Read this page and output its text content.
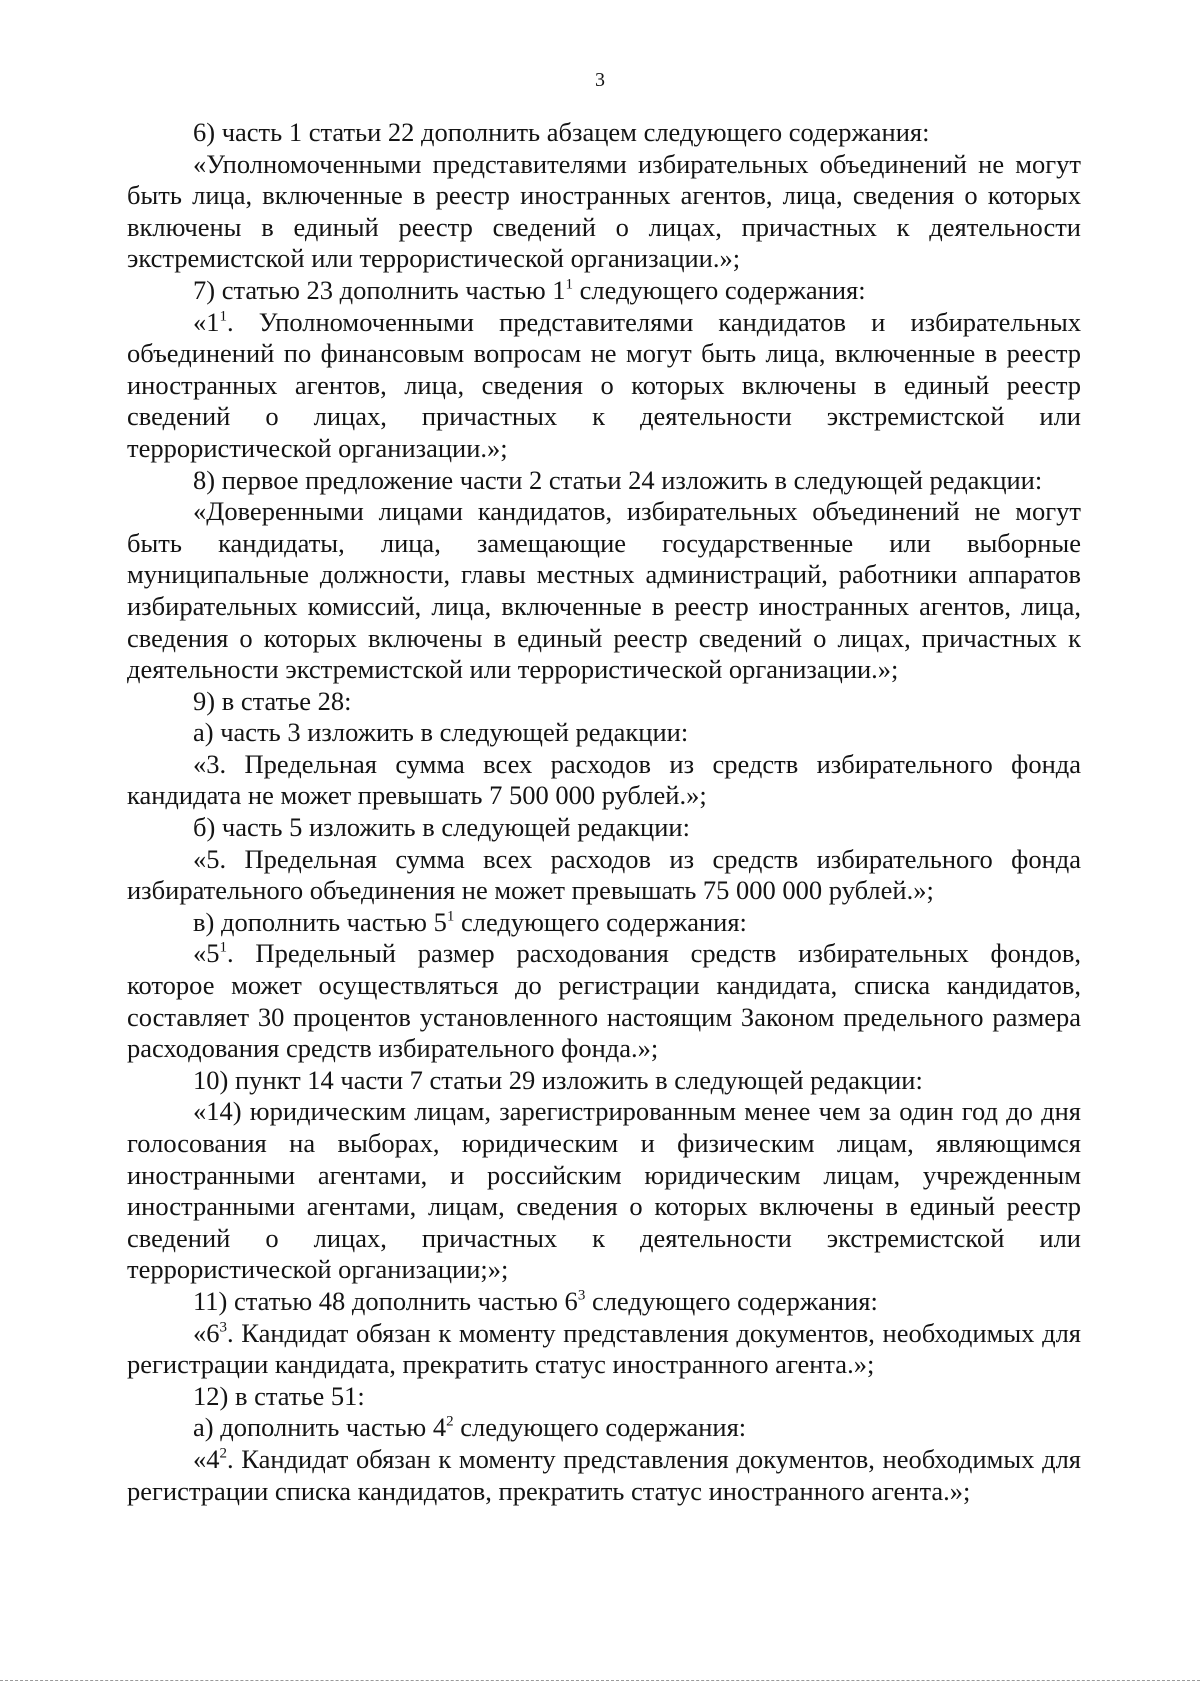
3

6) часть 1 статьи 22 дополнить абзацем следующего содержания:

«Уполномоченными представителями избирательных объединений не могут быть лица, включенные в реестр иностранных агентов, лица, сведения о которых включены в единый реестр сведений о лицах, причастных к деятельности экстремистской или террористической организации.»;

7) статью 23 дополнить частью $1^1$ следующего содержания:

«$1^1$. Уполномоченными представителями кандидатов и избирательных объединений по финансовым вопросам не могут быть лица, включенные в реестр иностранных агентов, лица, сведения о которых включены в единый реестр сведений о лицах, причастных к деятельности экстремистской или террористической организации.»;

8) первое предложение части 2 статьи 24 изложить в следующей редакции:

«Доверенными лицами кандидатов, избирательных объединений не могут быть кандидаты, лица, замещающие государственные или выборные муниципальные должности, главы местных администраций, работники аппаратов избирательных комиссий, лица, включенные в реестр иностранных агентов, лица, сведения о которых включены в единый реестр сведений о лицах, причастных к деятельности экстремистской или террористической организации.»;

9) в статье 28:

а) часть 3 изложить в следующей редакции:

«3. Предельная сумма всех расходов из средств избирательного фонда кандидата не может превышать 7 500 000 рублей.»;

б) часть 5 изложить в следующей редакции:

«5. Предельная сумма всех расходов из средств избирательного фонда избирательного объединения не может превышать 75 000 000 рублей.»;

в) дополнить частью $5^1$ следующего содержания:

«$5^1$. Предельный размер расходования средств избирательных фондов, которое может осуществляться до регистрации кандидата, списка кандидатов, составляет 30 процентов установленного настоящим Законом предельного размера расходования средств избирательного фонда.»;

10) пункт 14 части 7 статьи 29 изложить в следующей редакции:

«14) юридическим лицам, зарегистрированным менее чем за один год до дня голосования на выборах, юридическим и физическим лицам, являющимся иностранными агентами, и российским юридическим лицам, учрежденным иностранными агентами, лицам, сведения о которых включены в единый реестр сведений о лицах, причастных к деятельности экстремистской или террористической организации;»;

11) статью 48 дополнить частью $6^3$ следующего содержания:

«$6^3$. Кандидат обязан к моменту представления документов, необходимых для регистрации кандидата, прекратить статус иностранного агента.»;

12) в статье 51:

а) дополнить частью $4^2$ следующего содержания:

«$4^2$. Кандидат обязан к моменту представления документов, необходимых для регистрации списка кандидатов, прекратить статус иностранного агента.»;
